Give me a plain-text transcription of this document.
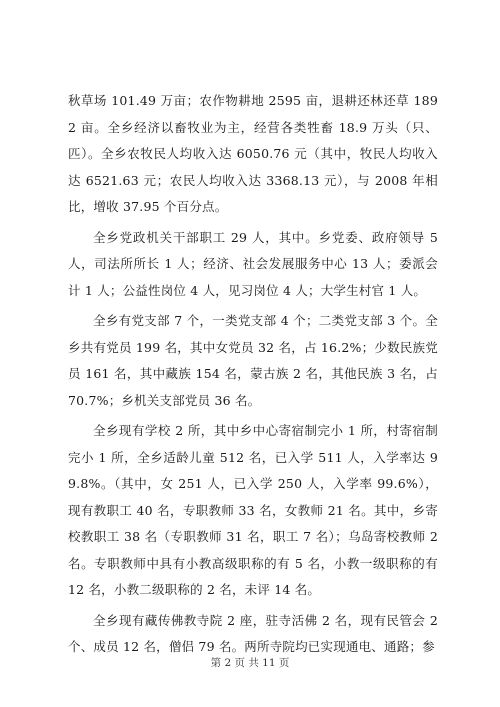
秋草场 101.49 万亩；农作物耕地 2595 亩，退耕还林还草 1892 亩。全乡经济以畜牧业为主，经营各类牲畜 18.9 万头（只、匹）。全乡农牧民人均收入达 6050.76 元（其中，牧民人均收入达 6521.63 元；农民人均收入达 3368.13 元），与 2008 年相比，增收 37.95 个百分点。

全乡党政机关干部职工 29 人，其中。乡党委、政府领导 5 人，司法所所长 1 人；经济、社会发展服务中心 13 人；委派会计 1 人；公益性岗位 4 人，见习岗位 4 人；大学生村官 1 人。

全乡有党支部 7 个，一类党支部 4 个；二类党支部 3 个。全乡共有党员 199 名，其中女党员 32 名，占 16.2%；少数民族党员 161 名，其中藏族 154 名，蒙古族 2 名，其他民族 3 名，占 70.7%；乡机关支部党员 36 名。

全乡现有学校 2 所，其中乡中心寄宿制完小 1 所，村寄宿制完小 1 所，全乡适龄儿童 512 名，已入学 511 人，入学率达 99.8%。（其中，女 251 人，已入学 250 人，入学率 99.6%），现有教职工 40 名，专职教师 33 名，女教师 21 名。其中，乡寄校教职工 38 名（专职教师 31 名，职工 7 名）；乌岛寄校教师 2 名。专职教师中具有小教高级职称的有 5 名，小教一级职称的有 12 名，小教二级职称的 2 名，未评 14 名。

全乡现有藏传佛教寺院 2 座，驻寺活佛 2 名，现有民管会 2 个、成员 12 名，僧侣 79 名。两所寺院均已实现通电、通路；参

第 2 页 共 11 页
